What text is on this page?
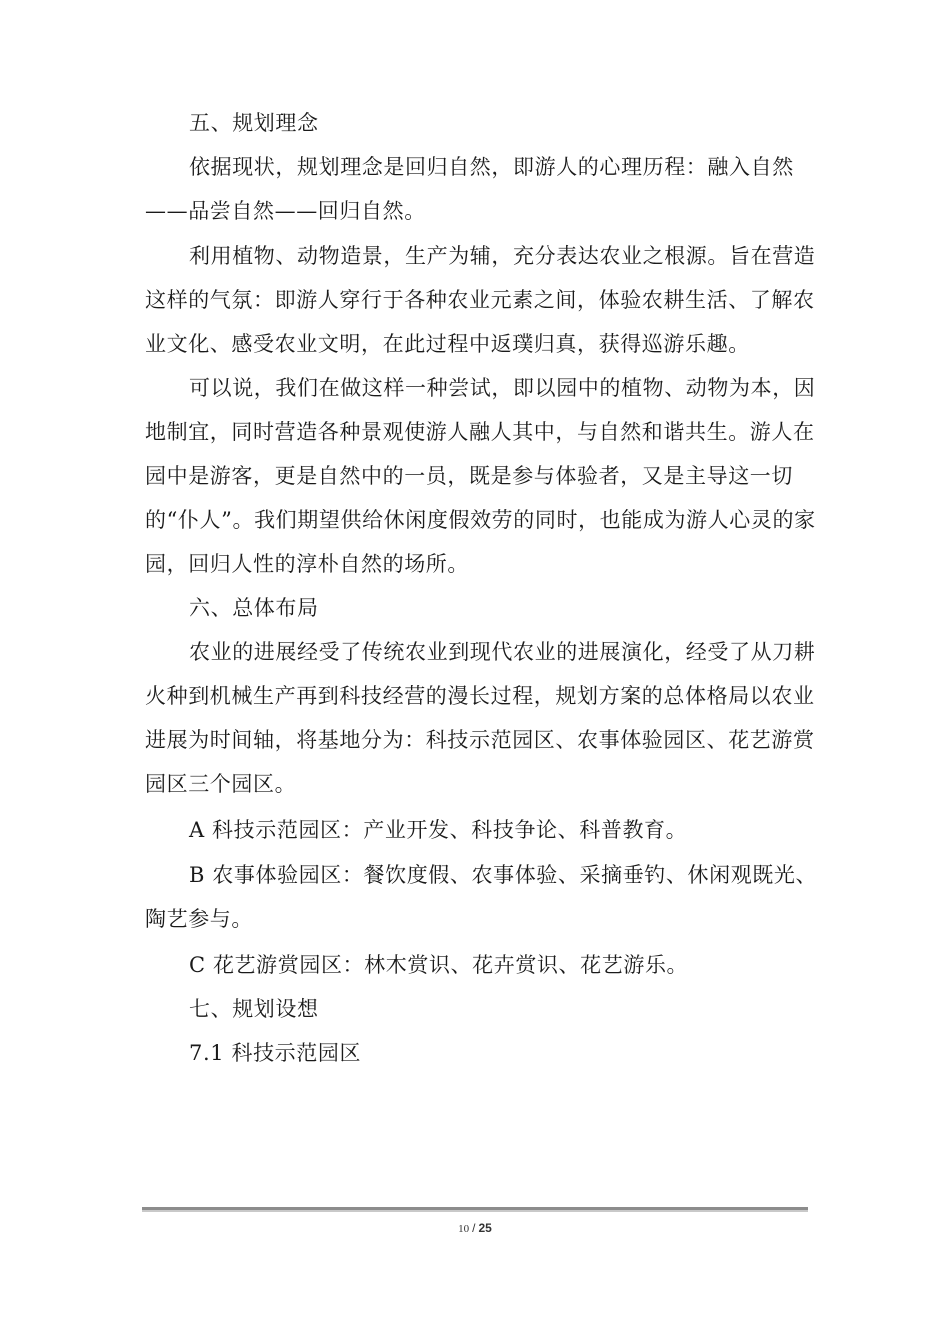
五、规划理念

依据现状，规划理念是回归自然，即游人的心理历程：融入自然——品尝自然——回归自然。

利用植物、动物造景，生产为辅，充分表达农业之根源。旨在营造这样的气氛：即游人穿行于各种农业元素之间，体验农耕生活、了解农业文化、感受农业文明，在此过程中返璞归真，获得巡游乐趣。

可以说，我们在做这样一种尝试，即以园中的植物、动物为本，因地制宜，同时营造各种景观使游人融人其中，与自然和谐共生。游人在园中是游客，更是自然中的一员，既是参与体验者，又是主导这一切的“仆人”。我们期望供给休闲度假效劳的同时，也能成为游人心灵的家园，回归人性的淳朴自然的场所。

六、总体布局

农业的进展经受了传统农业到现代农业的进展演化，经受了从刀耕火种到机械生产再到科技经营的漫长过程，规划方案的总体格局以农业进展为时间轴，将基地分为：科技示范园区、农事体验园区、花艺游赏园区三个园区。

A 科技示范园区：产业开发、科技争论、科普教育。

B 农事体验园区：餐饮度假、农事体验、采摘垂钓、休闲观既光、陶艺参与。

C 花艺游赏园区：林木赏识、花卉赏识、花艺游乐。

七、规划设想

7.1 科技示范园区

10 / 25
